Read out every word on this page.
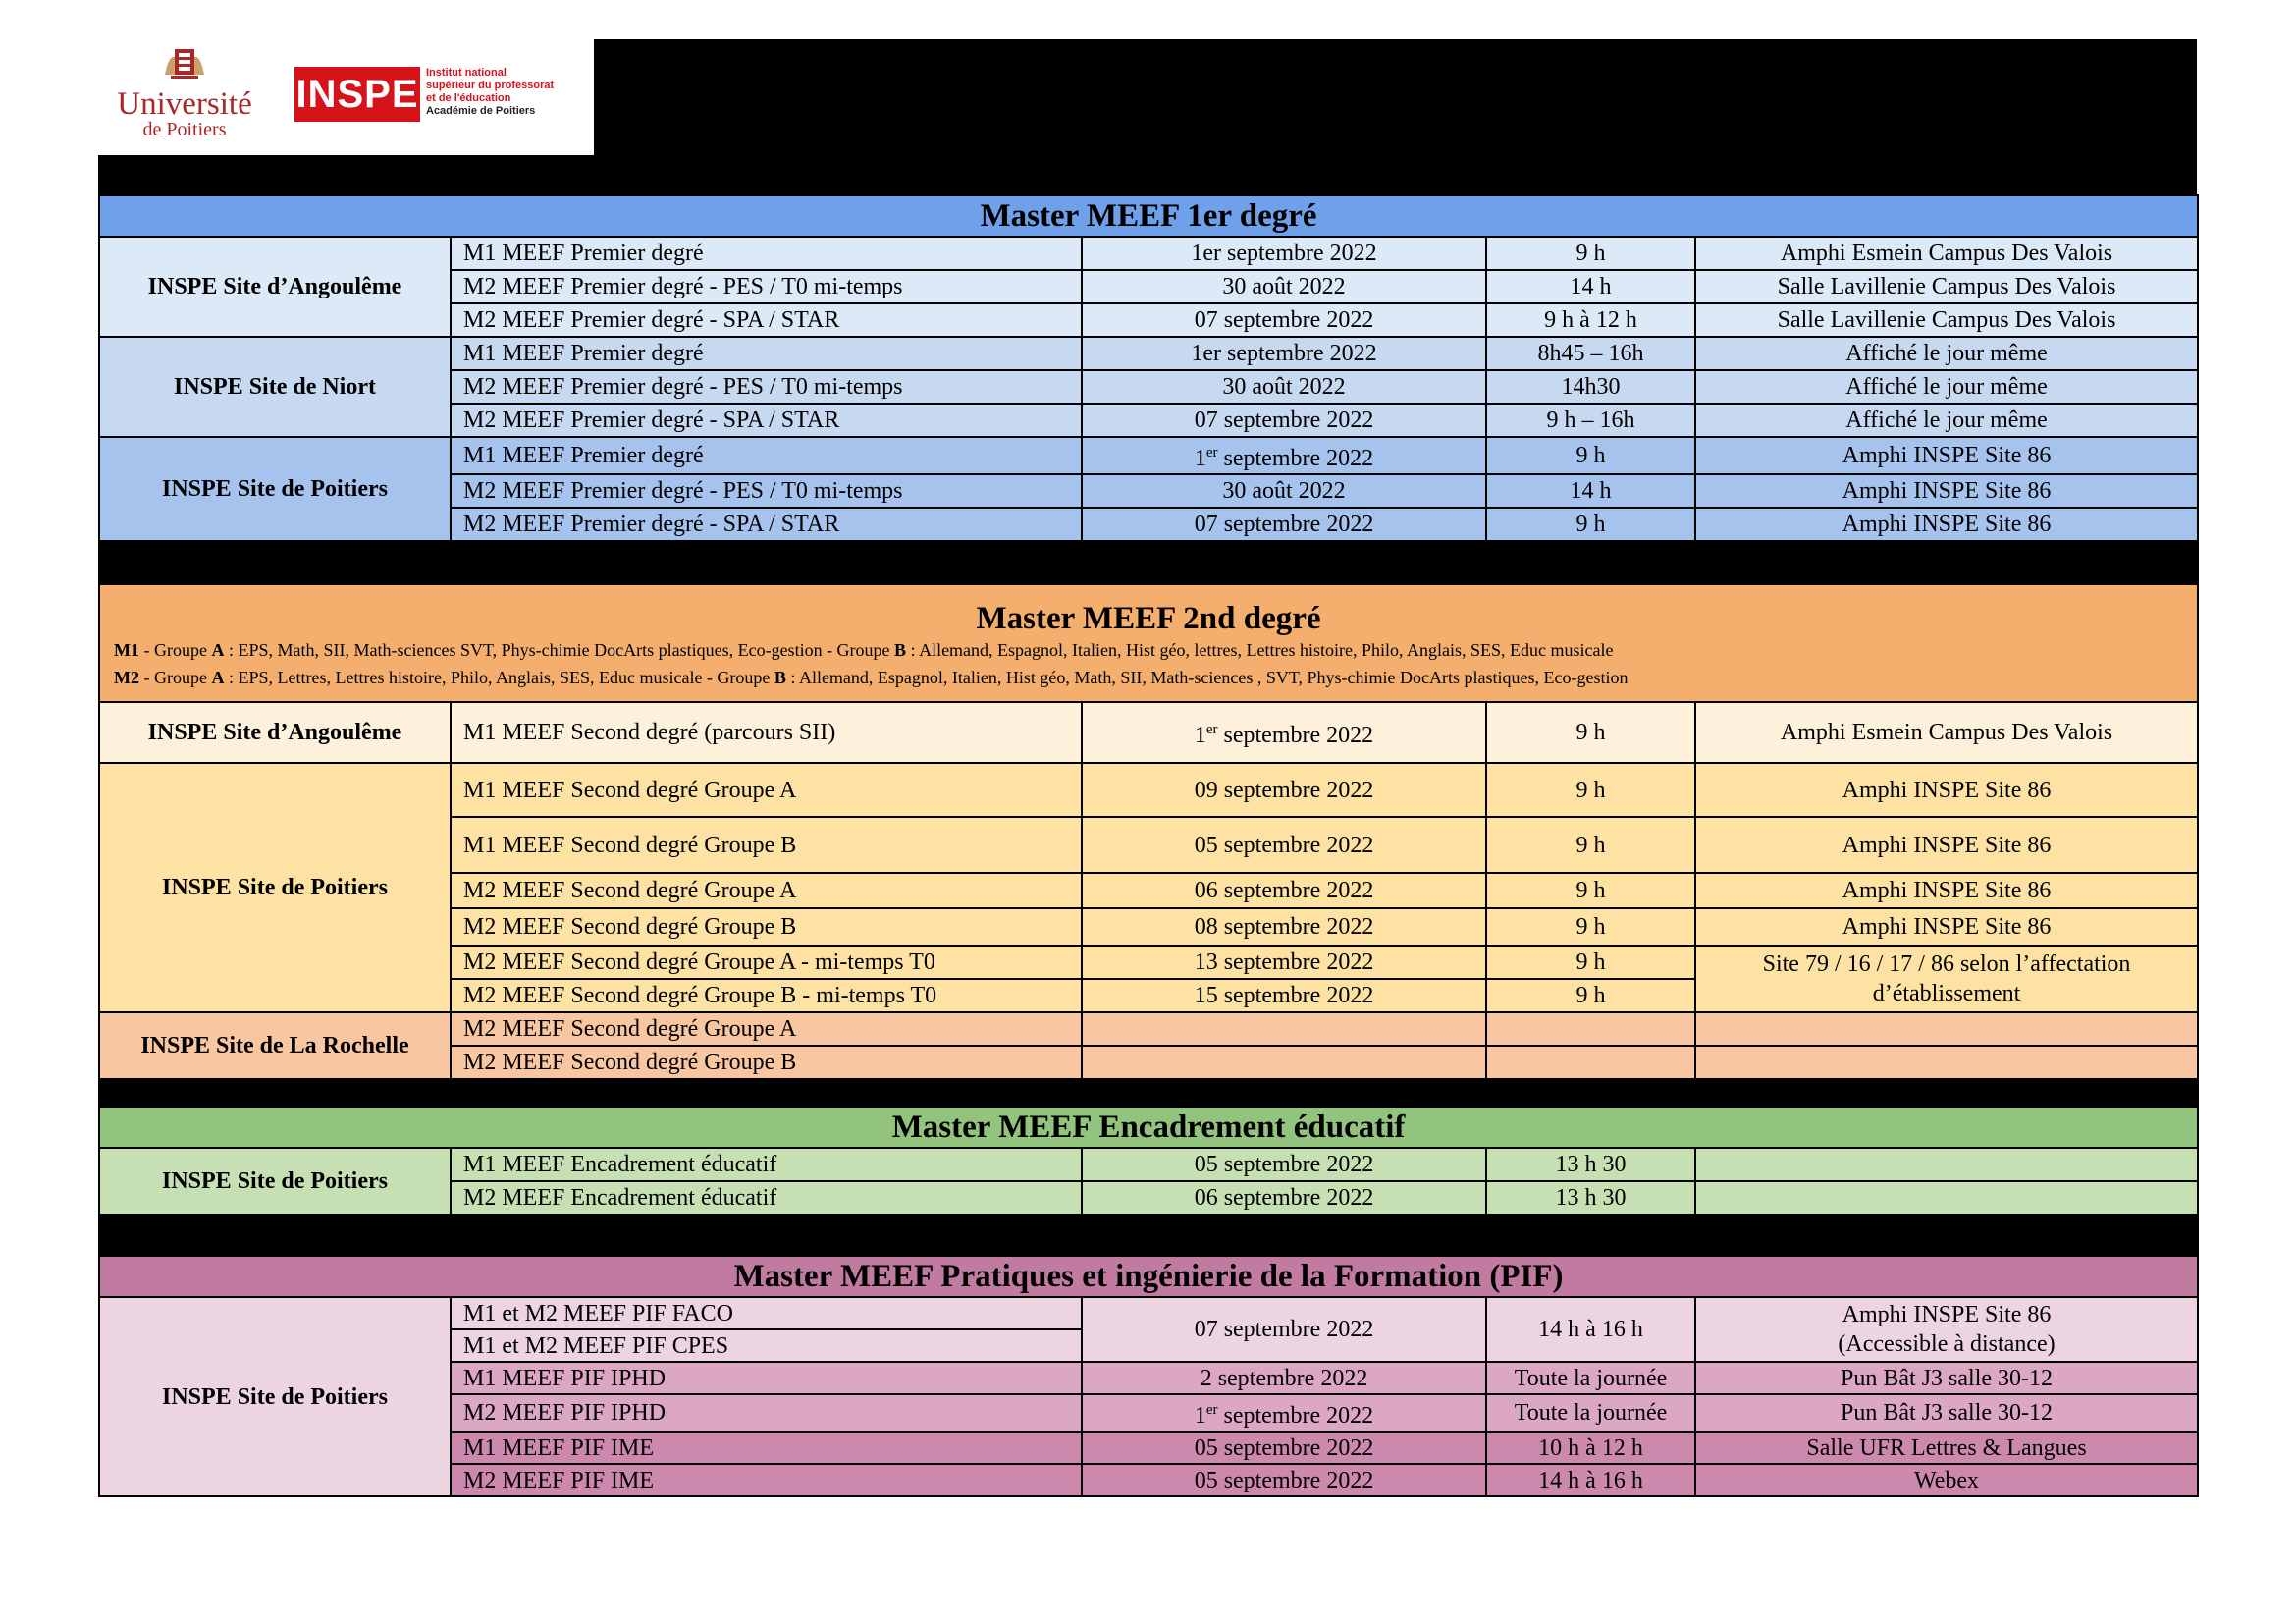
Université
de Poitiers
INSPE Institut national
supérieur du professorat
et de l'éducation
Académie de Poitiers
Master MEEF 1er degré				
INSPE Site d’Angoulême	M1 MEEF Premier degré	1er septembre 2022	9 h	Amphi Esmein Campus Des Valois
	M2 MEEF Premier degré - PES / T0 mi-temps	30 août 2022	14 h	Salle Lavillenie Campus Des Valois
	M2 MEEF Premier degré - SPA / STAR	07 septembre 2022	9 h à 12 h	Salle Lavillenie Campus Des Valois
INSPE Site de Niort	M1 MEEF Premier degré	1er septembre 2022	8h45 – 16h	Affiché le jour même
	M2 MEEF Premier degré - PES / T0 mi-temps	30 août 2022	14h30	Affiché le jour même
	M2 MEEF Premier degré - SPA / STAR	07 septembre 2022	9 h – 16h	Affiché le jour même
INSPE Site de Poitiers	M1 MEEF Premier degré	1er septembre 2022	9 h	Amphi INSPE Site 86
	M2 MEEF Premier degré - PES / T0 mi-temps	30 août 2022	14 h	Amphi INSPE Site 86
	M2 MEEF Premier degré - SPA / STAR	07 septembre 2022	9 h	Amphi INSPE Site 86

Master MEEF 2nd degré
M1 - Groupe A : EPS, Math, SII, Math-sciences SVT, Phys-chimie DocArts plastiques, Eco-gestion - Groupe B : Allemand, Espagnol, Italien, Hist géo, lettres, Lettres histoire, Philo, Anglais, SES, Educ musicale
M2 - Groupe A : EPS, Lettres, Lettres histoire, Philo, Anglais, SES, Educ musicale - Groupe B : Allemand, Espagnol, Italien, Hist géo, Math, SII, Math-sciences , SVT, Phys-chimie DocArts plastiques, Eco-gestion				

INSPE Site d’Angoulême	M1 MEEF Second degré (parcours SII)	1er septembre 2022	9 h	Amphi Esmein Campus Des Valois
INSPE Site de Poitiers	M1 MEEF Second degré Groupe A	09 septembre 2022	9 h	Amphi INSPE Site 86
	M1 MEEF Second degré Groupe B	05 septembre 2022	9 h	Amphi INSPE Site 86
	M2 MEEF Second degré Groupe A	06 septembre 2022	9 h	Amphi INSPE Site 86
	M2 MEEF Second degré Groupe B	08 septembre 2022	9 h	Amphi INSPE Site 86
	M2 MEEF Second degré Groupe A - mi-temps T0	13 septembre 2022	9 h	Site 79 / 16 / 17 / 86 selon l’affectation
d’établissement

	M2 MEEF Second degré Groupe B - mi-temps T0	15 septembre 2022	9 h	
INSPE Site de La Rochelle	M2 MEEF Second degré Groupe A			
	M2 MEEF Second degré Groupe B			

Master MEEF Encadrement éducatif				
INSPE Site de Poitiers	M1 MEEF Encadrement éducatif	05 septembre 2022	13 h 30	
	M2 MEEF Encadrement éducatif	06 septembre 2022	13 h 30	

Master MEEF Pratiques et ingénierie de la Formation (PIF)				
INSPE Site de Poitiers	M1 et M2 MEEF PIF FACO	07 septembre 2022	14 h à 16 h	Amphi INSPE Site 86
(Accessible à distance)

	M1 et M2 MEEF PIF CPES			
	M1 MEEF PIF IPHD	2 septembre 2022	Toute la journée	Pun Bât J3 salle 30-12
	M2 MEEF PIF IPHD	1er septembre 2022	Toute la journée	Pun Bât J3 salle 30-12
	M1 MEEF PIF IME	05 septembre 2022	10 h à 12 h	Salle UFR Lettres & Langues
	M2 MEEF PIF IME	05 septembre 2022	14 h à 16 h	Webex
